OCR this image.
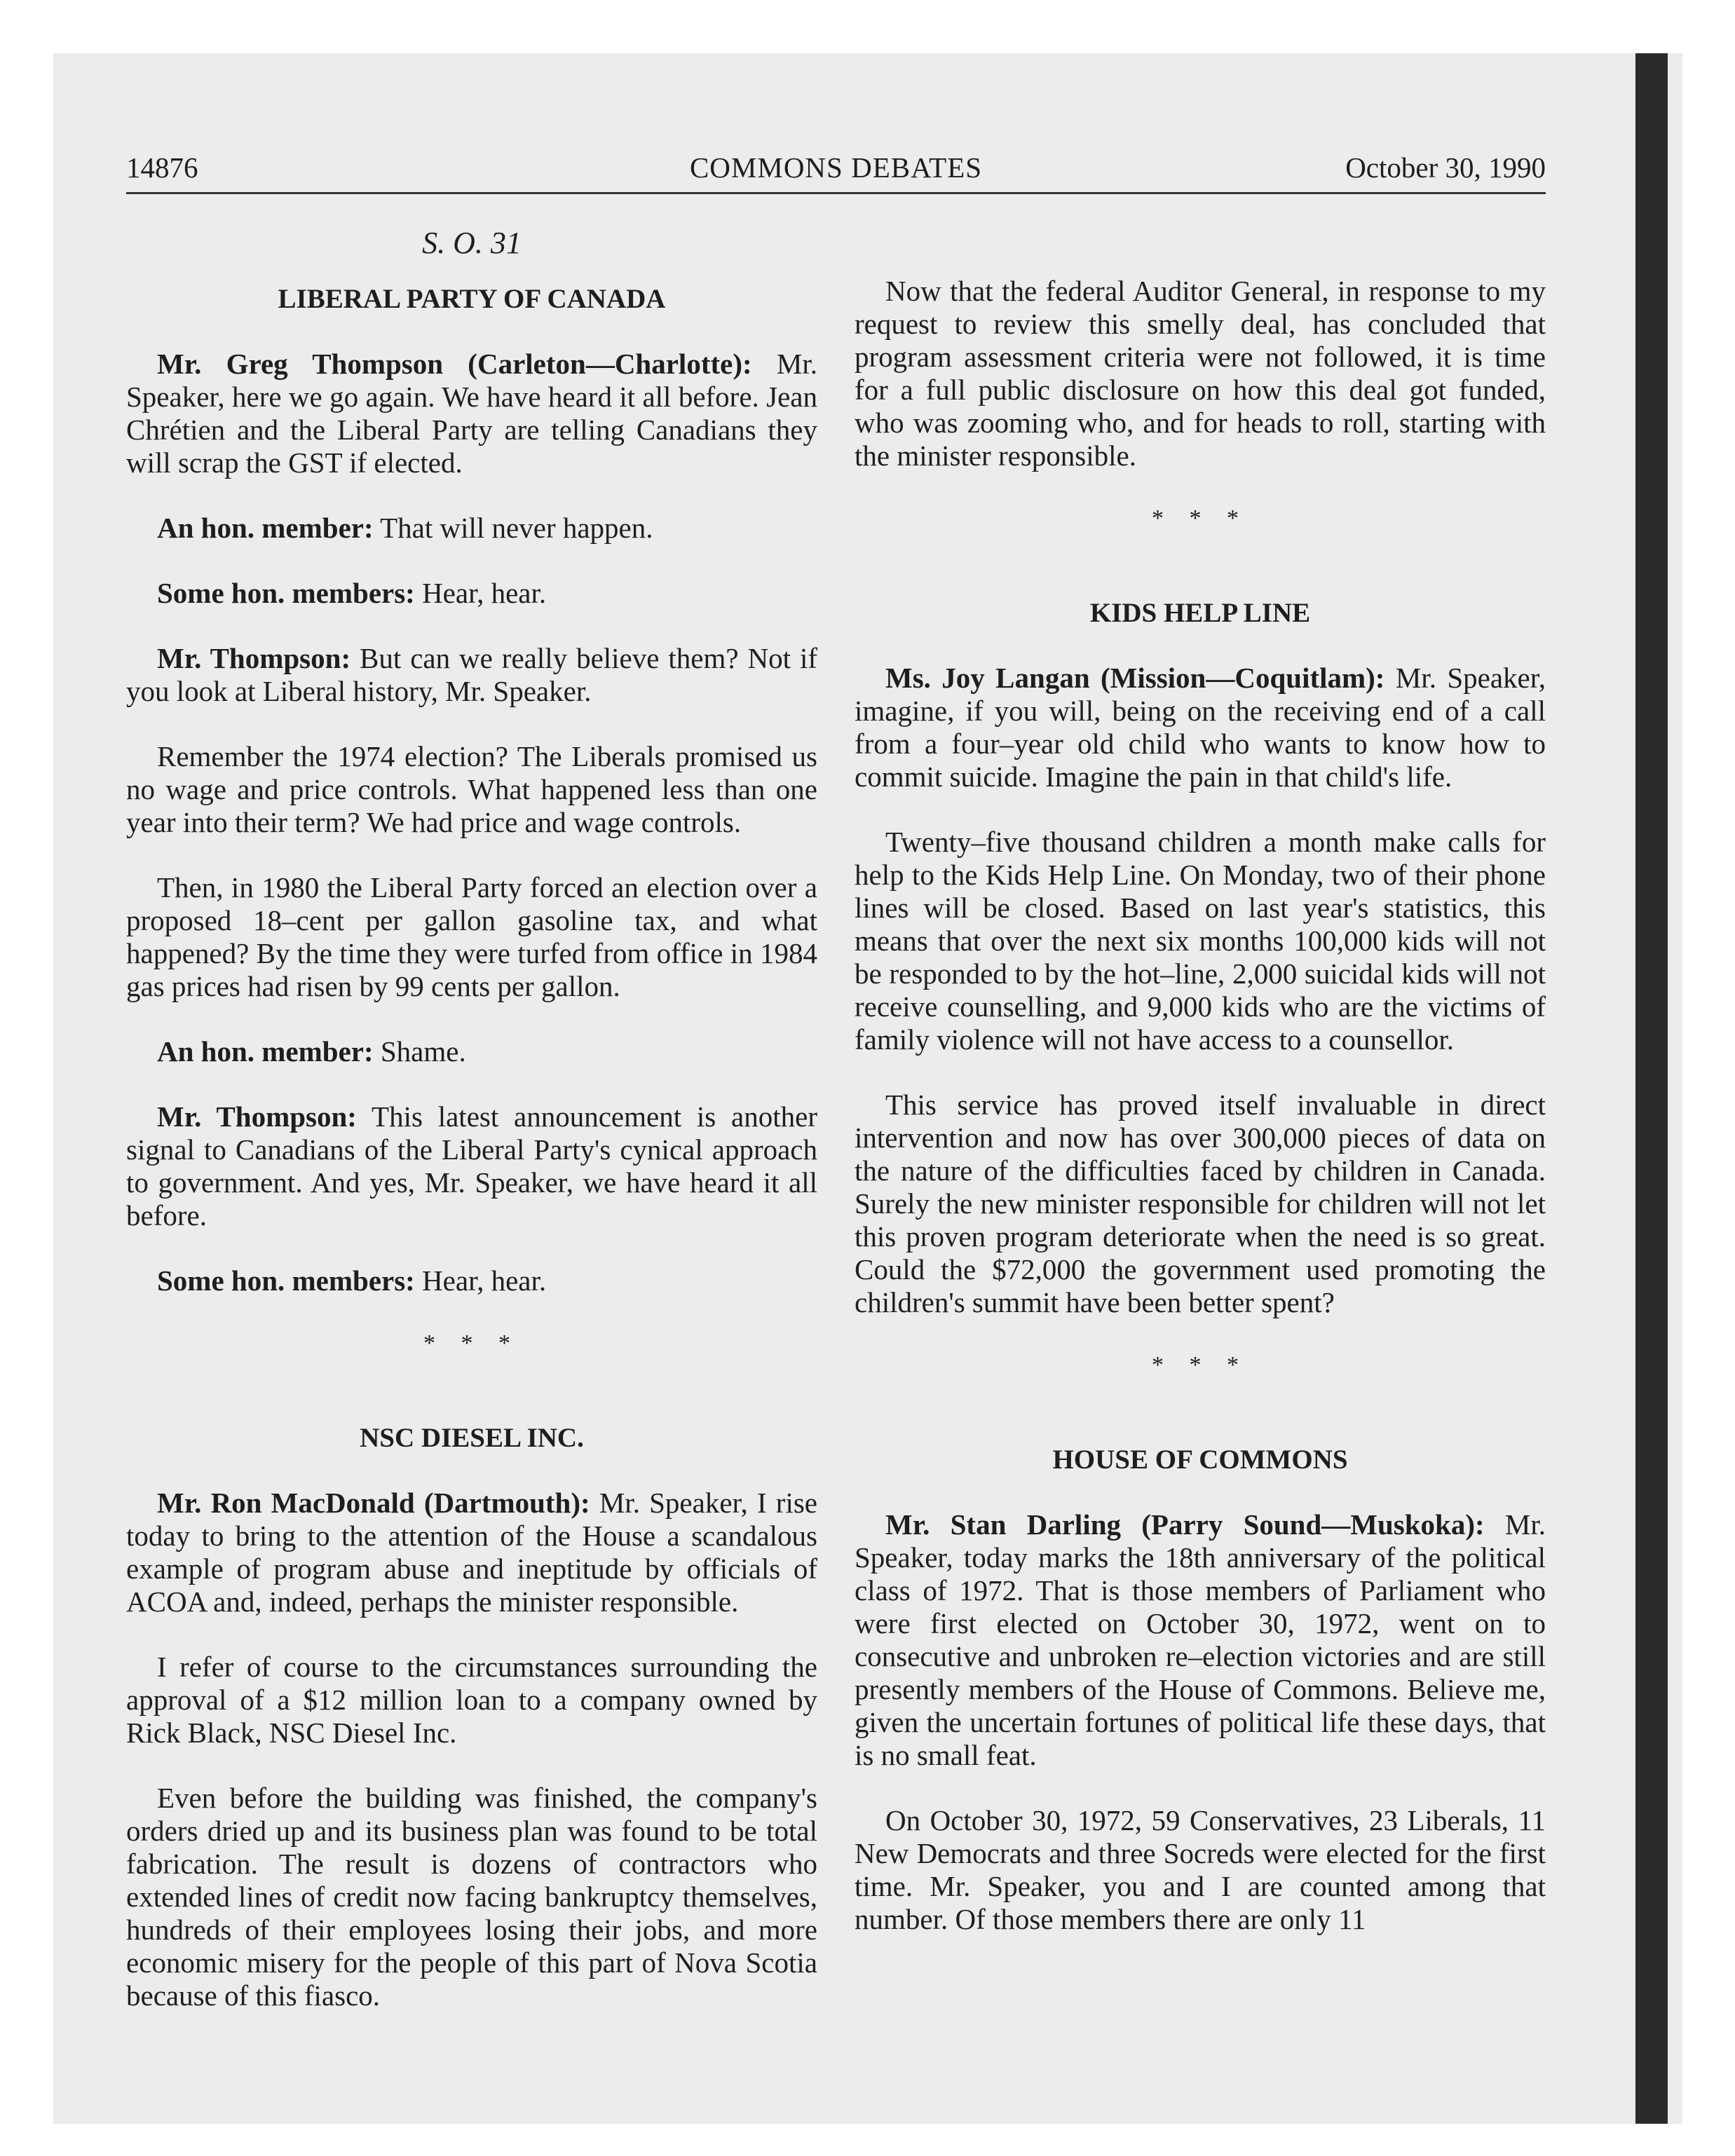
14876	COMMONS DEBATES	October 30, 1990
S. O. 31
LIBERAL PARTY OF CANADA

Mr. Greg Thompson (Carleton—Charlotte): Mr. Speaker, here we go again. We have heard it all before. Jean Chrétien and the Liberal Party are telling Canadians they will scrap the GST if elected.

An hon. member: That will never happen.

Some hon. members: Hear, hear.

Mr. Thompson: But can we really believe them? Not if you look at Liberal history, Mr. Speaker.

Remember the 1974 election? The Liberals promised us no wage and price controls. What happened less than one year into their term? We had price and wage controls.

Then, in 1980 the Liberal Party forced an election over a proposed 18–cent per gallon gasoline tax, and what happened? By the time they were turfed from office in 1984 gas prices had risen by 99 cents per gallon.

An hon. member: Shame.

Mr. Thompson: This latest announcement is another signal to Canadians of the Liberal Party's cynical approach to government. And yes, Mr. Speaker, we have heard it all before.

Some hon. members: Hear, hear.

* * *
NSC DIESEL INC.

Mr. Ron MacDonald (Dartmouth): Mr. Speaker, I rise today to bring to the attention of the House a scandalous example of program abuse and ineptitude by officials of ACOA and, indeed, perhaps the minister responsible.

I refer of course to the circumstances surrounding the approval of a $12 million loan to a company owned by Rick Black, NSC Diesel Inc.

Even before the building was finished, the company's orders dried up and its business plan was found to be total fabrication. The result is dozens of contractors who extended lines of credit now facing bankruptcy themselves, hundreds of their employees losing their jobs, and more economic misery for the people of this part of Nova Scotia because of this fiasco.

Now that the federal Auditor General, in response to my request to review this smelly deal, has concluded that program assessment criteria were not followed, it is time for a full public disclosure on how this deal got funded, who was zooming who, and for heads to roll, starting with the minister responsible.

* * *
KIDS HELP LINE

Ms. Joy Langan (Mission—Coquitlam): Mr. Speaker, imagine, if you will, being on the receiving end of a call from a four–year old child who wants to know how to commit suicide. Imagine the pain in that child's life.

Twenty–five thousand children a month make calls for help to the Kids Help Line. On Monday, two of their phone lines will be closed. Based on last year's statistics, this means that over the next six months 100,000 kids will not be responded to by the hot–line, 2,000 suicidal kids will not receive counselling, and 9,000 kids who are the victims of family violence will not have access to a counsellor.

This service has proved itself invaluable in direct intervention and now has over 300,000 pieces of data on the nature of the difficulties faced by children in Canada. Surely the new minister responsible for children will not let this proven program deteriorate when the need is so great. Could the $72,000 the government used promoting the children's summit have been better spent?

* * *
HOUSE OF COMMONS

Mr. Stan Darling (Parry Sound—Muskoka): Mr. Speaker, today marks the 18th anniversary of the political class of 1972. That is those members of Parliament who were first elected on October 30, 1972, went on to consecutive and unbroken re–election victories and are still presently members of the House of Commons. Believe me, given the uncertain fortunes of political life these days, that is no small feat.

On October 30, 1972, 59 Conservatives, 23 Liberals, 11 New Democrats and three Socreds were elected for the first time. Mr. Speaker, you and I are counted among that number. Of those members there are only 11
